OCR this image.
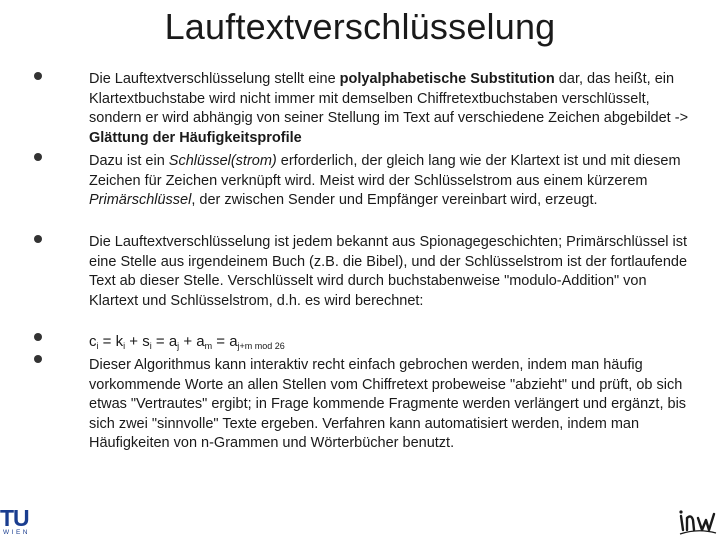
Lauftextverschlüsselung
Die Lauftextverschlüsselung stellt eine polyalphabetische Substitution dar, das heißt, ein Klartextbuchstabe wird nicht immer mit demselben Chiffretextbuchstaben verschlüsselt, sondern er wird abhängig von seiner Stellung im Text auf verschiedene Zeichen abgebildet -> Glättung der Häufigkeitsprofile
Dazu ist ein Schlüssel(strom) erforderlich, der gleich lang wie der Klartext ist und mit diesem Zeichen für Zeichen verknüpft wird. Meist wird der Schlüsselstrom aus einem kürzerem Primärschlüssel, der zwischen Sender und Empfänger vereinbart wird, erzeugt.
Die Lauftextverschlüsselung ist jedem bekannt aus Spionagegeschichten; Primärschlüssel ist eine Stelle aus irgendeinem Buch (z.B. die Bibel), und der Schlüsselstrom ist der fortlaufende Text ab dieser Stelle. Verschlüsselt wird durch buchstabenweise "modulo-Addition" von Klartext und Schlüsselstrom, d.h. es wird berechnet:
$c_i = k_i + s_i = a_j + a_m = a_{j+m mod 26}$
Dieser Algorithmus kann interaktiv recht einfach gebrochen werden, indem man häufig vorkommende Worte an allen Stellen vom Chiffretext probeweise "abzieht" und prüft, ob sich etwas "Vertrautes" ergibt; in Frage kommende Fragmente werden verlängert und ergänzt, bis sich zwei "sinnvolle" Texte ergeben. Verfahren kann automatisiert werden, indem man Häufigkeiten von n-Grammen und Wörterbücher benutzt.
TU
WIEN
